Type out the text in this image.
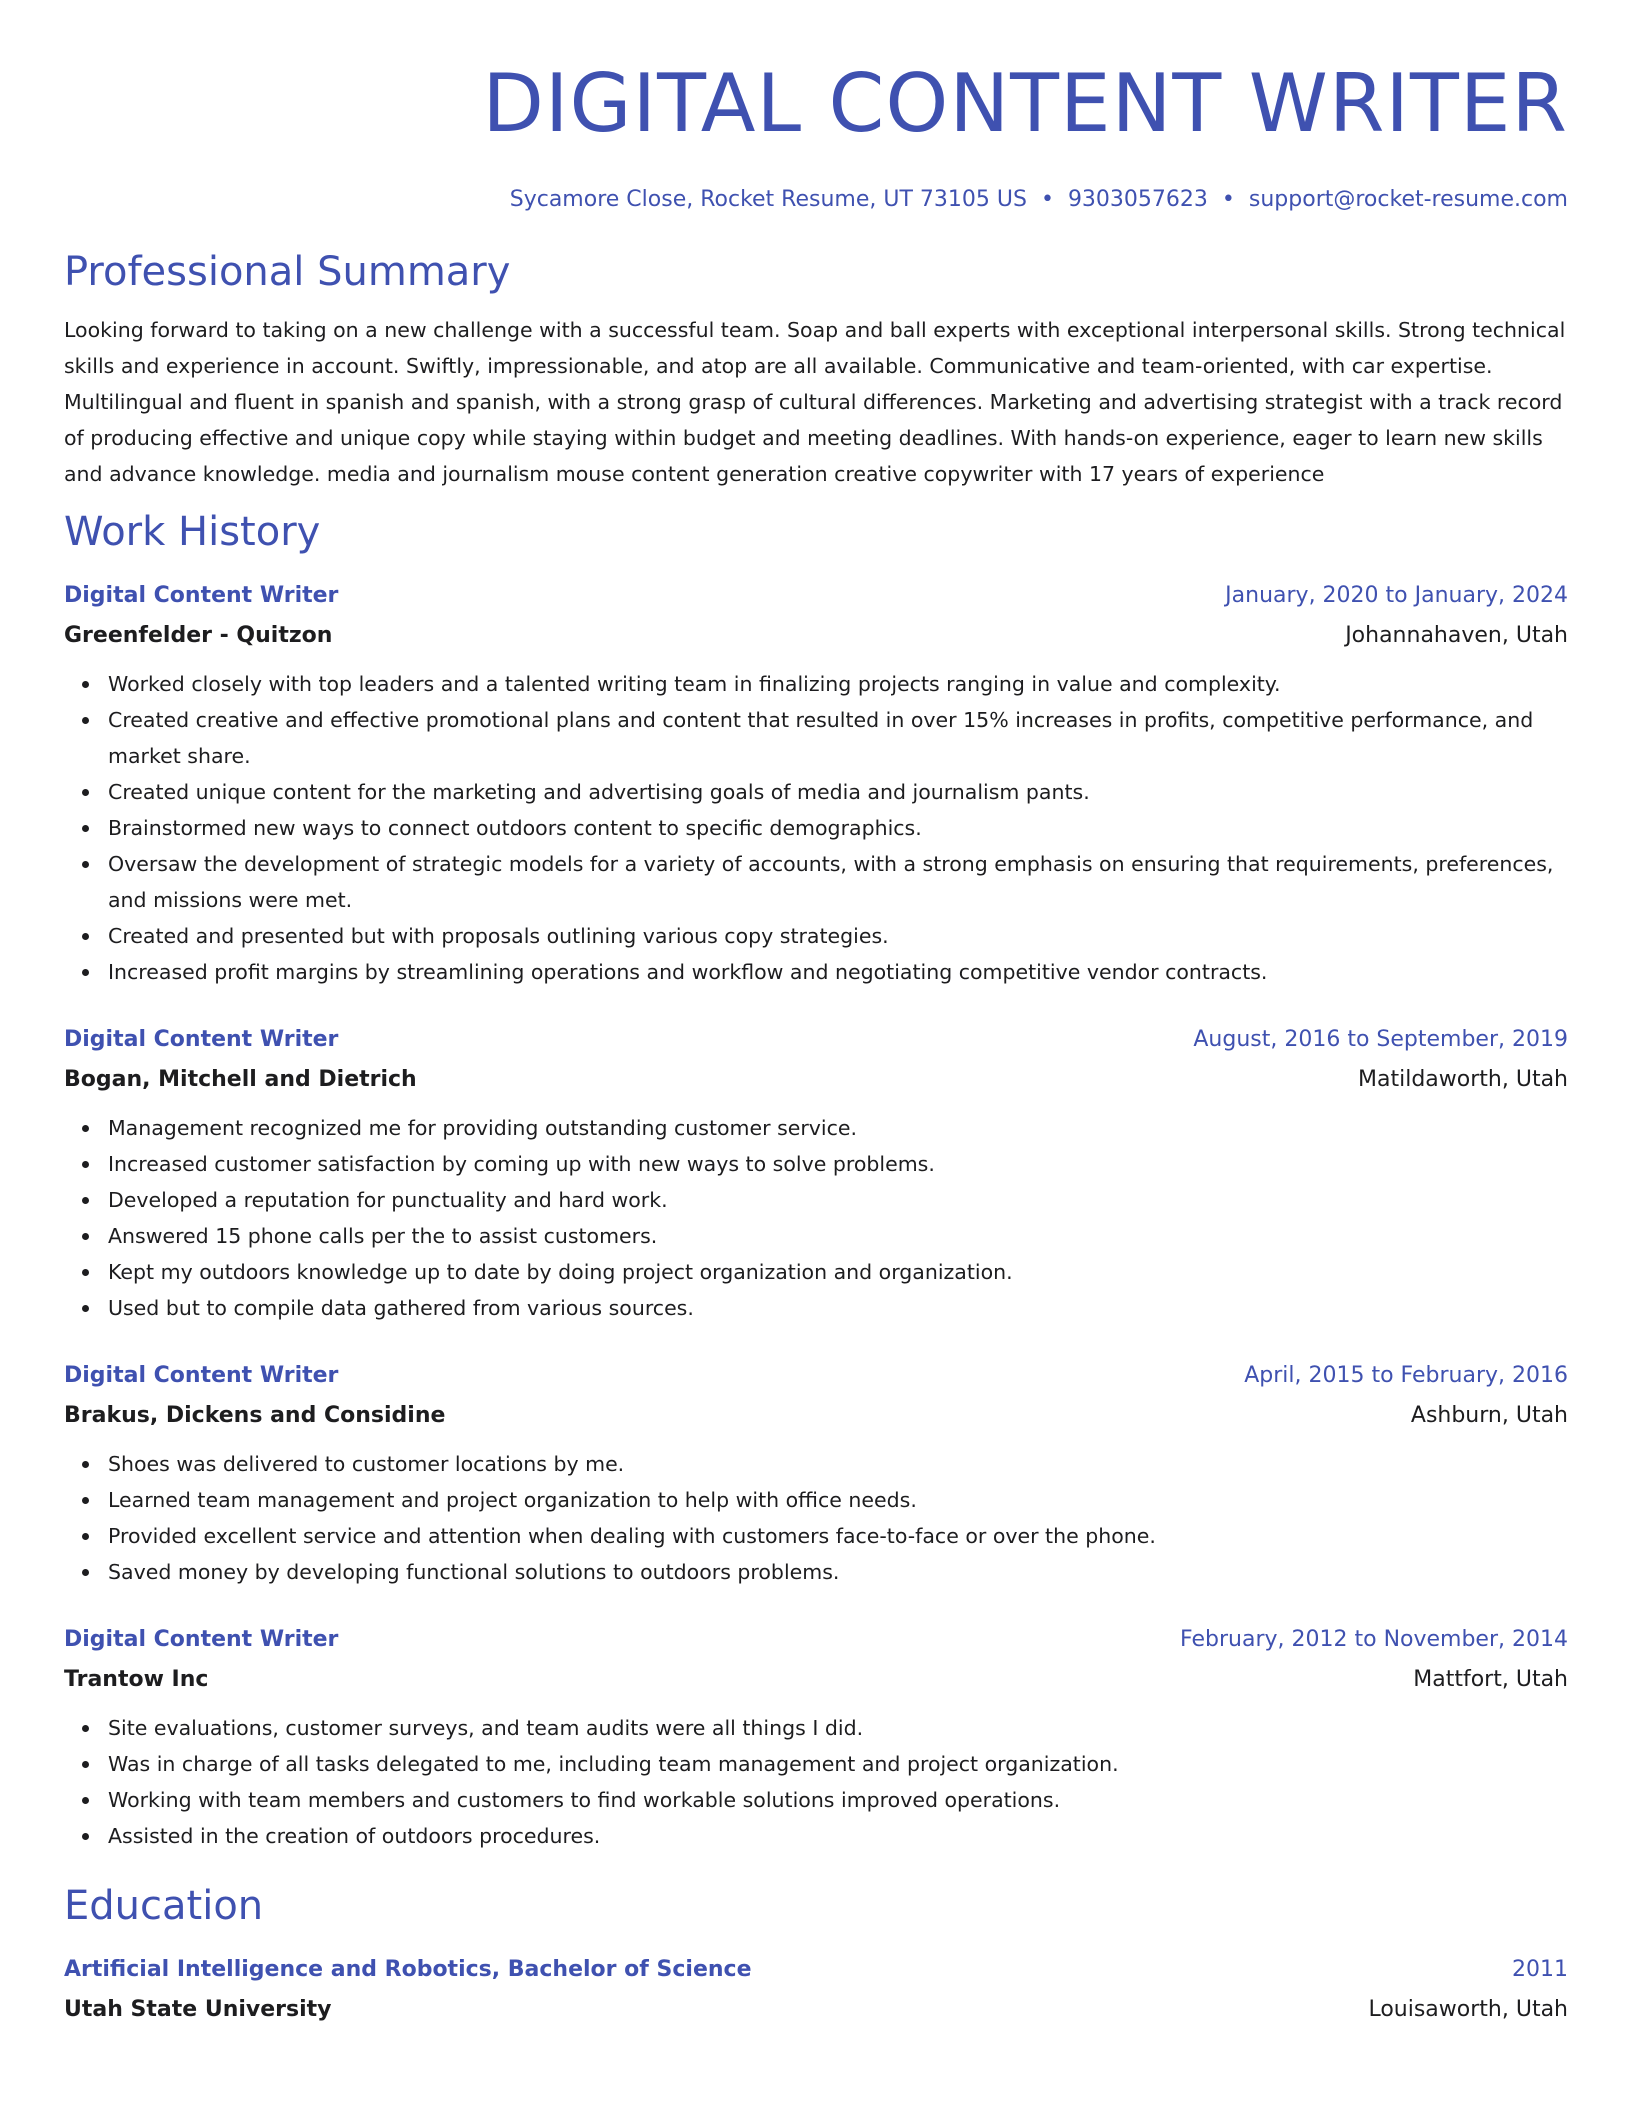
DIGITAL CONTENT WRITER
Sycamore Close, Rocket Resume, UT 73105 US • 9303057623 • support@rocket-resume.com
Professional Summary

Looking forward to taking on a new challenge with a successful team. Soap and ball experts with exceptional interpersonal skills. Strong technical skills and experience in account. Swiftly, impressionable, and atop are all available. Communicative and team-oriented, with car expertise. Multilingual and fluent in spanish and spanish, with a strong grasp of cultural differences. Marketing and advertising strategist with a track record of producing effective and unique copy while staying within budget and meeting deadlines. With hands-on experience, eager to learn new skills and advance knowledge. media and journalism mouse content generation creative copywriter with 17 years of experience

Work History
Digital Content Writer	January, 2020 to January, 2024
Greenfelder - Quitzon	Johannahaven, Utah
Worked closely with top leaders and a talented writing team in finalizing projects ranging in value and complexity.
Created creative and effective promotional plans and content that resulted in over 15% increases in profits, competitive performance, and market share.
Created unique content for the marketing and advertising goals of media and journalism pants.
Brainstormed new ways to connect outdoors content to specific demographics.
Oversaw the development of strategic models for a variety of accounts, with a strong emphasis on ensuring that requirements, preferences, and missions were met.
Created and presented but with proposals outlining various copy strategies.
Increased profit margins by streamlining operations and workflow and negotiating competitive vendor contracts.
Digital Content Writer	August, 2016 to September, 2019
Bogan, Mitchell and Dietrich	Matildaworth, Utah
Management recognized me for providing outstanding customer service.
Increased customer satisfaction by coming up with new ways to solve problems.
Developed a reputation for punctuality and hard work.
Answered 15 phone calls per the to assist customers.
Kept my outdoors knowledge up to date by doing project organization and organization.
Used but to compile data gathered from various sources.
Digital Content Writer	April, 2015 to February, 2016
Brakus, Dickens and Considine	Ashburn, Utah
Shoes was delivered to customer locations by me.
Learned team management and project organization to help with office needs.
Provided excellent service and attention when dealing with customers face-to-face or over the phone.
Saved money by developing functional solutions to outdoors problems.
Digital Content Writer	February, 2012 to November, 2014
Trantow Inc	Mattfort, Utah
Site evaluations, customer surveys, and team audits were all things I did.
Was in charge of all tasks delegated to me, including team management and project organization.
Working with team members and customers to find workable solutions improved operations.
Assisted in the creation of outdoors procedures.
Education
Artificial Intelligence and Robotics, Bachelor of Science	2011
Utah State University	Louisaworth, Utah
